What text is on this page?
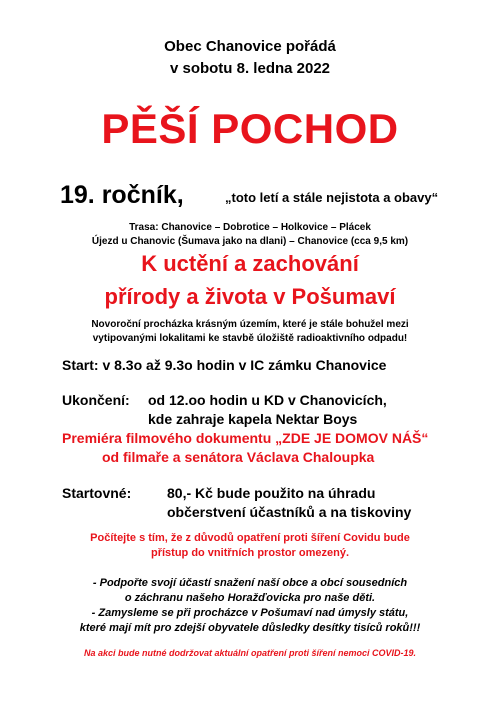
Obec Chanovice pořádá
v sobotu 8. ledna 2022
PĚŠÍ POCHOD
19. ročník,	„toto letí a stále nejistota a obavy“
Trasa: Chanovice – Dobrotice – Holkovice – Plácek
Újezd u Chanovic (Šumava jako na dlani) – Chanovice (cca 9,5 km)
K uctění a zachování
přírody a života v Pošumaví
Novoroční procházka krásným územím, které je stále bohužel mezi
vytipovanými lokalitami ke stavbě úložiště radioaktivního odpadu!
Start: v 8.3o až 9.3o hodin v IC zámku Chanovice
Ukončení: od 12.oo hodin u KD v Chanovicích,
kde zahraje kapela Nektar Boys
Premiéra filmového dokumentu „ZDE JE DOMOV NÁŠ“
od filmaře a senátora Václava Chaloupka
Startovné:	80,- Kč bude použito na úhradu
občerstvení účastníků a na tiskoviny
Počítejte s tím, že z důvodů opatření proti šíření Covidu bude
přístup do vnitřních prostor omezený.
- Podpořte svojí účastí snažení naší obce a obcí sousedních
o záchranu našeho Horažďovicka pro naše děti.
- Zamysleme se při procházce v Pošumaví nad úmysly státu,
které mají mít pro zdejší obyvatele důsledky desítky tisíců roků!!!
Na akci bude nutné dodržovat aktuální opatření proti šíření nemoci COVID-19.
